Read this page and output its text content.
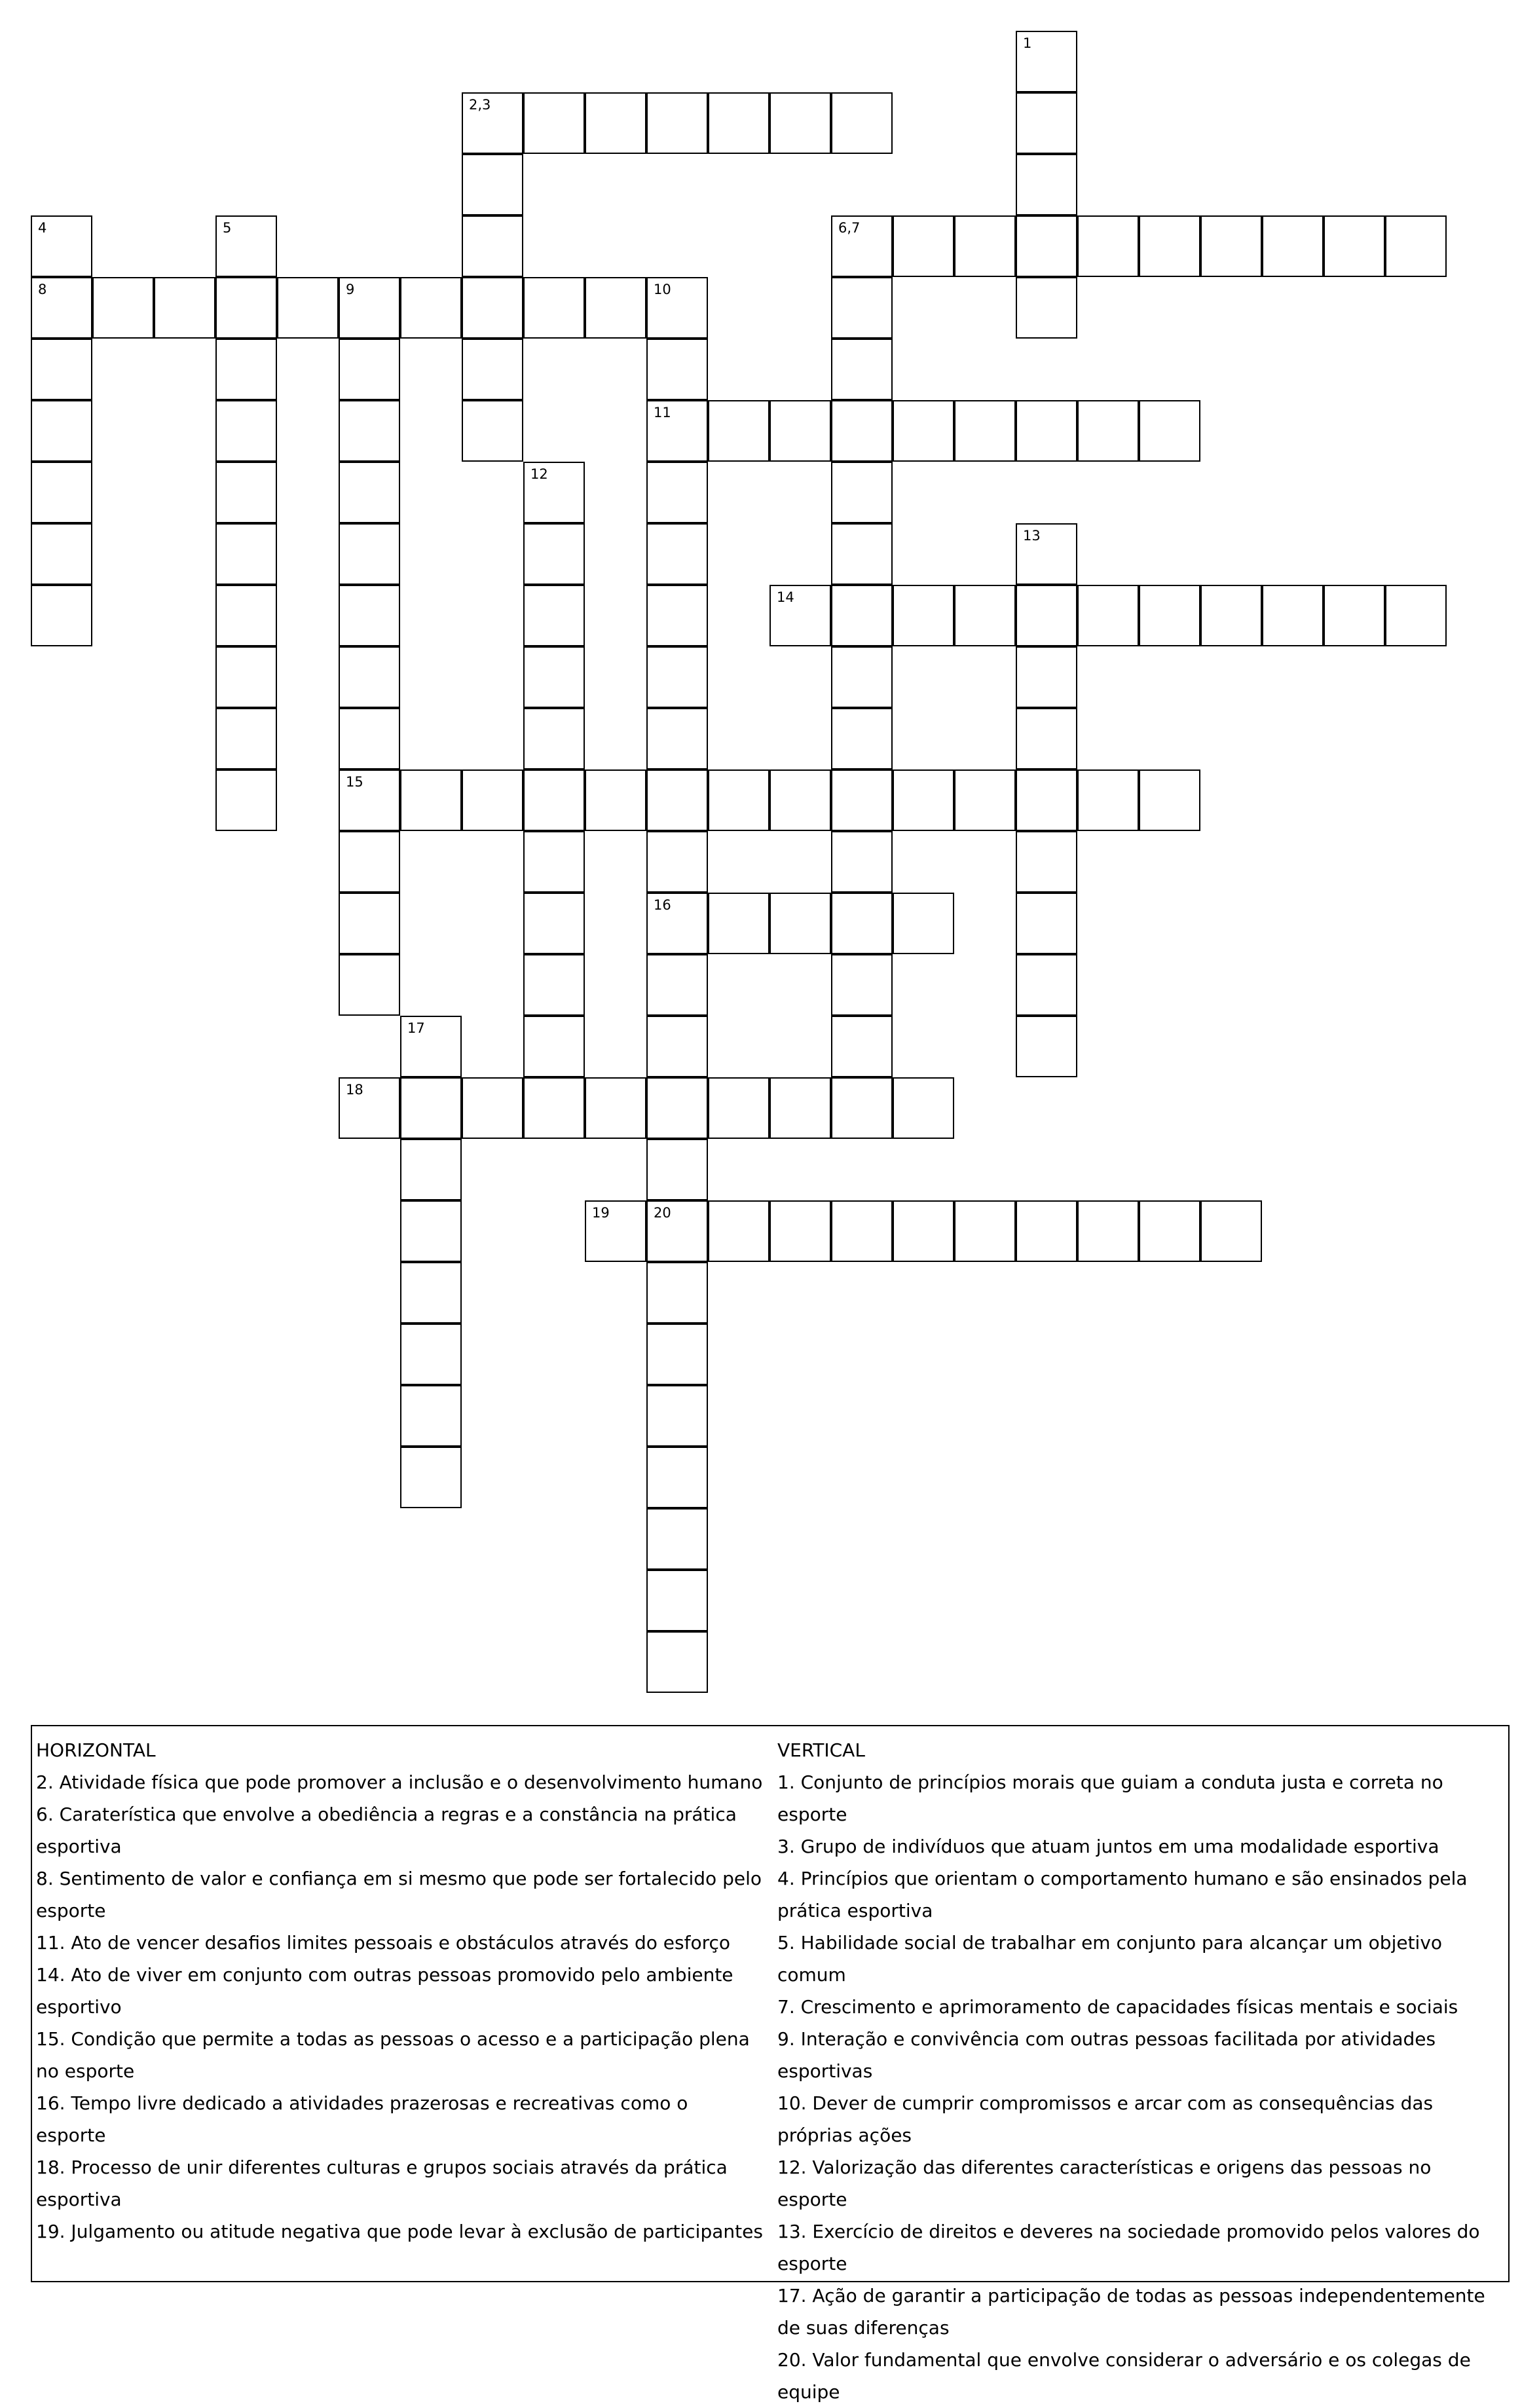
1
2,3
4
8
5	6,7
9
15
10
11
16
12
13
14
17
18
19	20
HORIZONTAL

2. Atividade física que pode promover a inclusão e o desenvolvimento humano

6. Caraterística que envolve a obediência a regras e a constância na prática esportiva

8. Sentimento de valor e confiança em si mesmo que pode ser fortalecido pelo esporte

11. Ato de vencer desafios limites pessoais e obstáculos através do esforço

14. Ato de viver em conjunto com outras pessoas promovido pelo ambiente esportivo

15. Condição que permite a todas as pessoas o acesso e a participação plena no esporte

16. Tempo livre dedicado a atividades prazerosas e recreativas como o esporte

18. Processo de unir diferentes culturas e grupos sociais através da prática esportiva

19. Julgamento ou atitude negativa que pode levar à exclusão de participantes

VERTICAL

1. Conjunto de princípios morais que guiam a conduta justa e correta no esporte

3. Grupo de indivíduos que atuam juntos em uma modalidade esportiva

4. Princípios que orientam o comportamento humano e são ensinados pela prática esportiva

5. Habilidade social de trabalhar em conjunto para alcançar um objetivo comum

7. Crescimento e aprimoramento de capacidades físicas mentais e sociais

9. Interação e convivência com outras pessoas facilitada por atividades esportivas

10. Dever de cumprir compromissos e arcar com as consequências das próprias ações

12. Valorização das diferentes características e origens das pessoas no esporte

13. Exercício de direitos e deveres na sociedade promovido pelos valores do esporte

17. Ação de garantir a participação de todas as pessoas independentemente de suas diferenças

20. Valor fundamental que envolve considerar o adversário e os colegas de equipe
